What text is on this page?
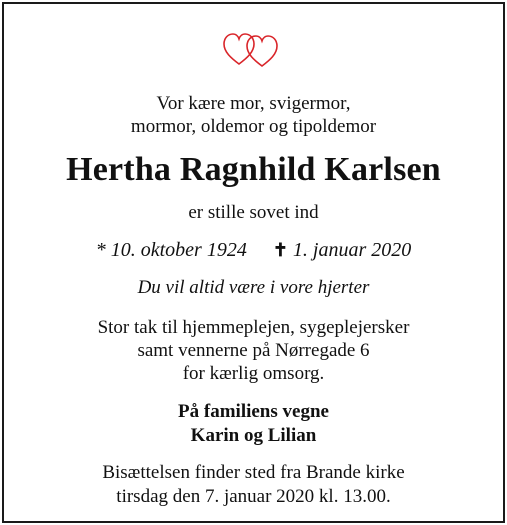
Vor kære mor, svigermor,
mormor, oldemor og tipoldemor
Hertha Ragnhild Karlsen
er stille sovet ind
* 10. oktober 1924 ✝ 1. januar 2020
Du vil altid være i vore hjerter
Stor tak til hjemmeplejen, sygeplejersker
samt vennerne på Nørregade 6
for kærlig omsorg.
På familiens vegne
Karin og Lilian
Bisættelsen finder sted fra Brande kirke
tirsdag den 7. januar 2020 kl. 13.00.
